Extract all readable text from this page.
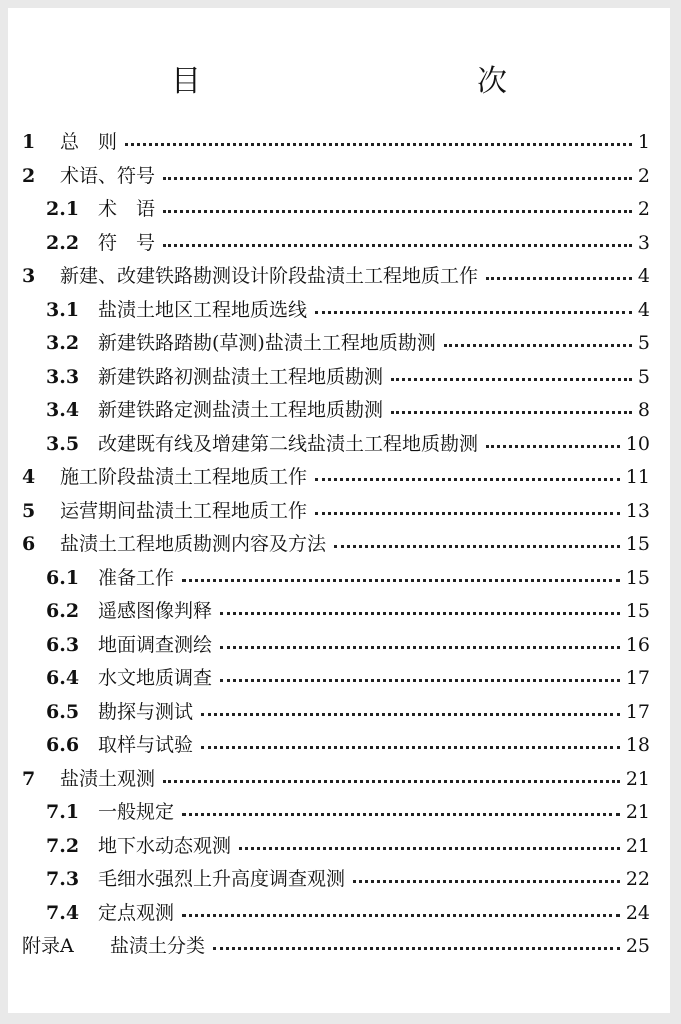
目　　次
1	总　则	1
2	术语、符号	2
2.1 术　语	2
2.2 符　号	3
3	新建、改建铁路勘测设计阶段盐渍土工程地质工作	4
3.1 盐渍土地区工程地质选线	4
3.2 新建铁路踏勘(草测)盐渍土工程地质勘测	5
3.3 新建铁路初测盐渍土工程地质勘测	5
3.4 新建铁路定测盐渍土工程地质勘测	8
3.5 改建既有线及增建第二线盐渍土工程地质勘测	10
4	施工阶段盐渍土工程地质工作	11
5	运营期间盐渍土工程地质工作	13
6	盐渍土工程地质勘测内容及方法	15
6.1 准备工作	15
6.2 遥感图像判释	15
6.3 地面调查测绘	16
6.4 水文地质调查	17
6.5 勘探与测试	17
6.6 取样与试验	18
7	盐渍土观测	21
7.1 一般规定	21
7.2 地下水动态观测	21
7.3 毛细水强烈上升高度调查观测	22
7.4 定点观测	24
附录A	盐渍土分类	25
